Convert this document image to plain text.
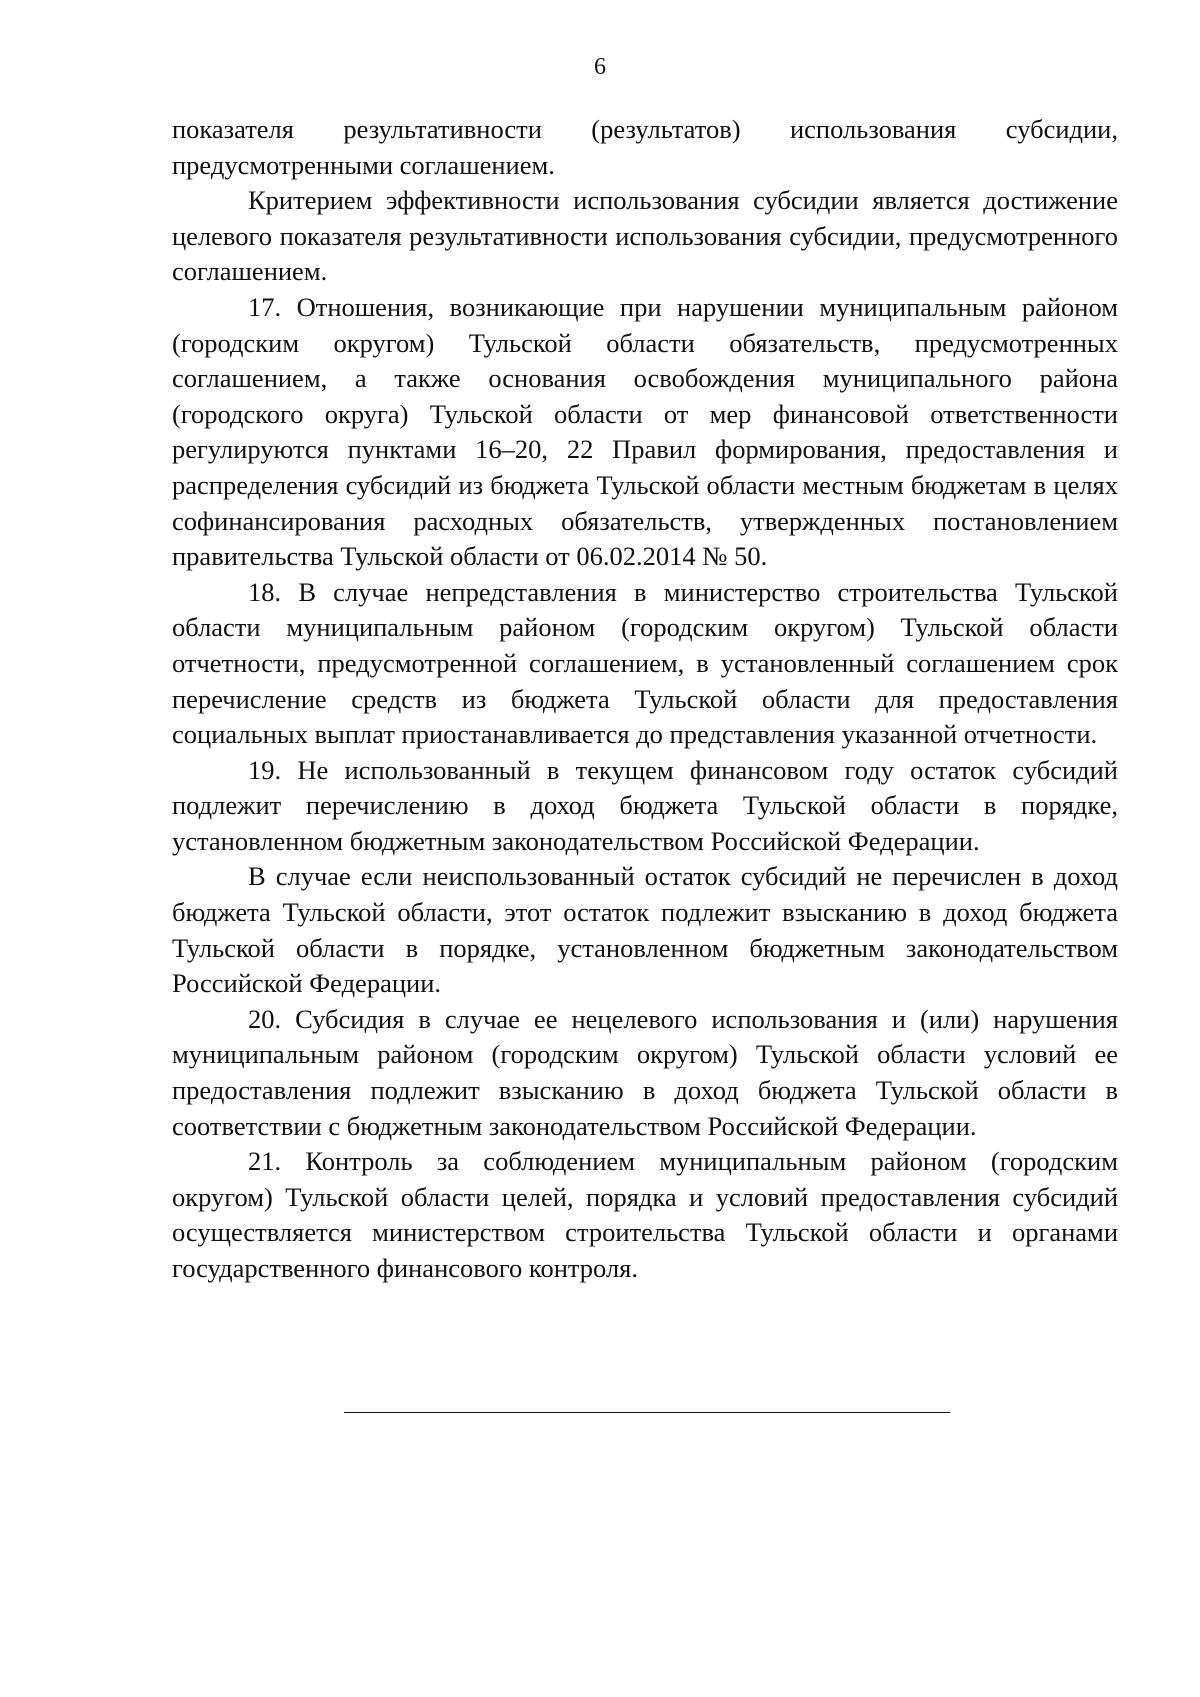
6

показателя результативности (результатов) использования субсидии, предусмотренными соглашением.

Критерием эффективности использования субсидии является достижение целевого показателя результативности использования субсидии, предусмотренного соглашением.

17. Отношения, возникающие при нарушении муниципальным районом (городским округом) Тульской области обязательств, предусмотренных соглашением, а также основания освобождения муниципального района (городского округа) Тульской области от мер финансовой ответственности регулируются пунктами 16–20, 22 Правил формирования, предоставления и распределения субсидий из бюджета Тульской области местным бюджетам в целях софинансирования расходных обязательств, утвержденных постановлением правительства Тульской области от 06.02.2014 № 50.

18. В случае непредставления в министерство строительства Тульской области муниципальным районом (городским округом) Тульской области отчетности, предусмотренной соглашением, в установленный соглашением срок перечисление средств из бюджета Тульской области для предоставления социальных выплат приостанавливается до представления указанной отчетности.

19. Не использованный в текущем финансовом году остаток субсидий подлежит перечислению в доход бюджета Тульской области в порядке, установленном бюджетным законодательством Российской Федерации.

В случае если неиспользованный остаток субсидий не перечислен в доход бюджета Тульской области, этот остаток подлежит взысканию в доход бюджета Тульской области в порядке, установленном бюджетным законодательством Российской Федерации.

20. Субсидия в случае ее нецелевого использования и (или) нарушения муниципальным районом (городским округом) Тульской области условий ее предоставления подлежит взысканию в доход бюджета Тульской области в соответствии с бюджетным законодательством Российской Федерации.

21. Контроль за соблюдением муниципальным районом (городским округом) Тульской области целей, порядка и условий предоставления субсидий осуществляется министерством строительства Тульской области и органами государственного финансового контроля.
